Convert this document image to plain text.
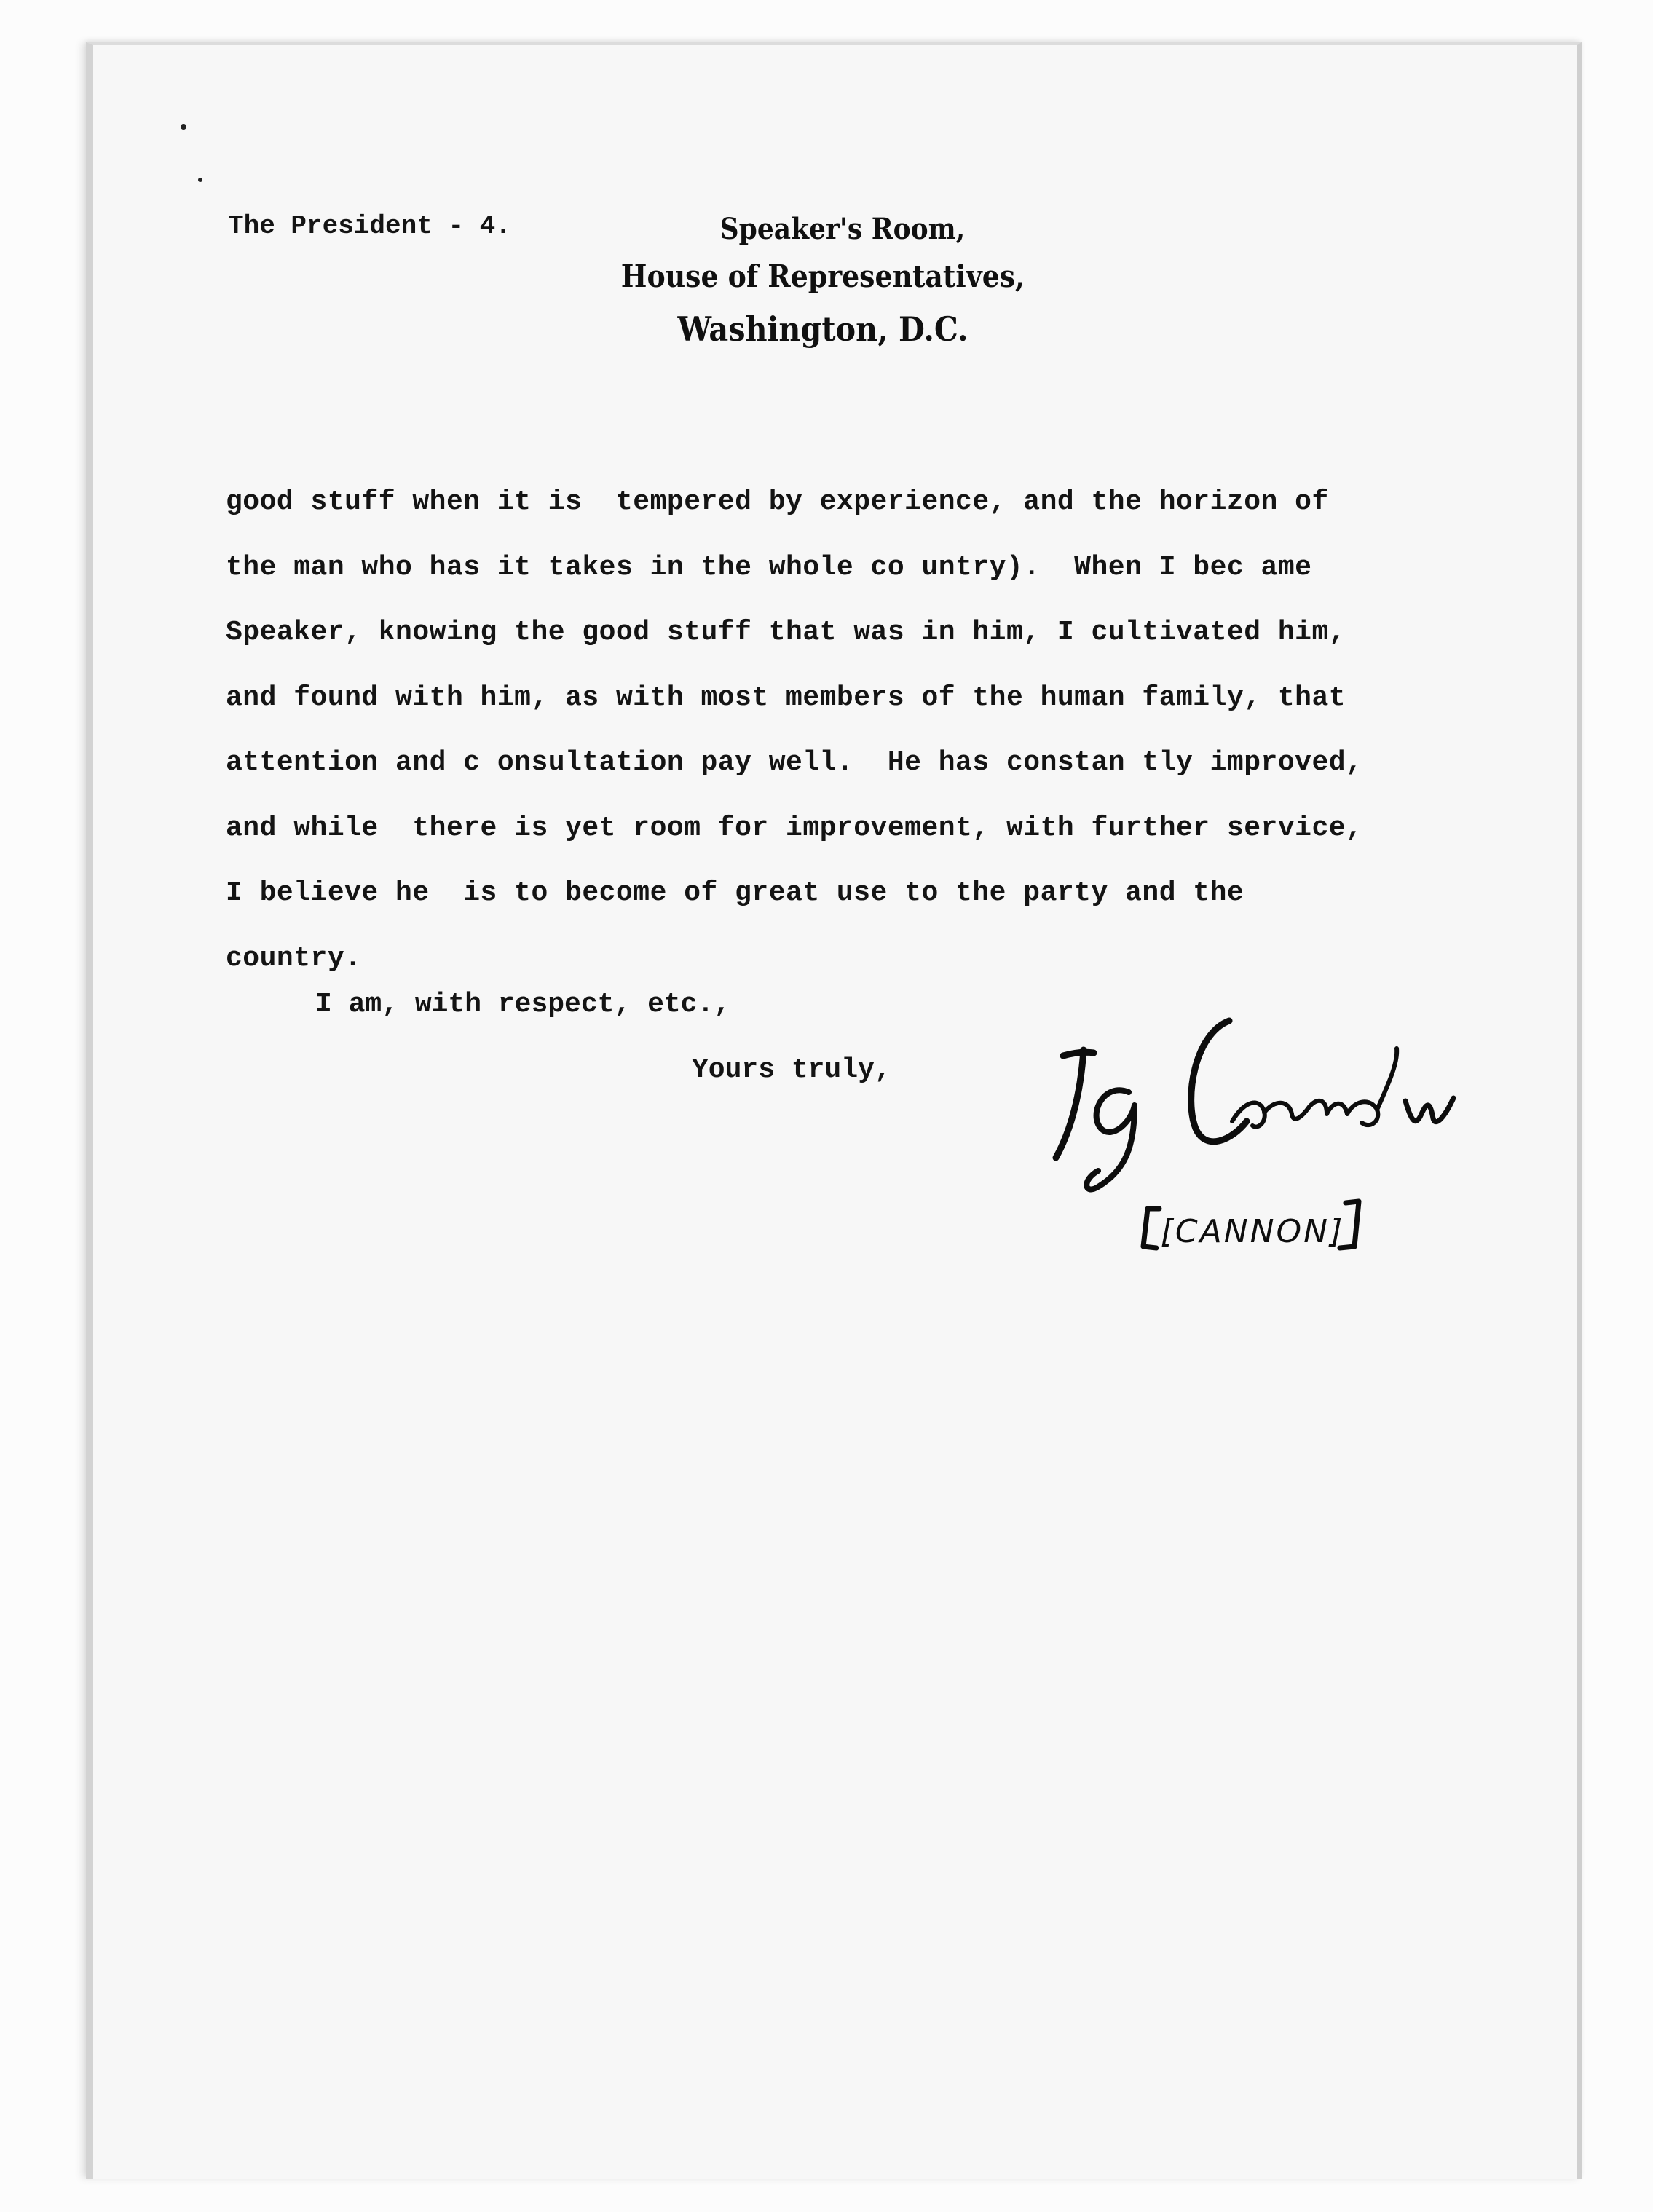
The President - 4.	Speaker's Room,
House of Representatives,
Washington, D.C.

good stuff when it is  tempered by experience, and the horizon of

the man who has it takes in the whole co untry).  When I bec ame

Speaker, knowing the good stuff that was in him, I cultivated him,

and found with him, as with most members of the human family, that

attention and c onsultation pay well.  He has constan tly improved,

and while  there is yet room for improvement, with further service,

I believe he  is to become of great use to the party and the

country.

I am, with respect, etc.,

Yours truly,

[CANNON]
